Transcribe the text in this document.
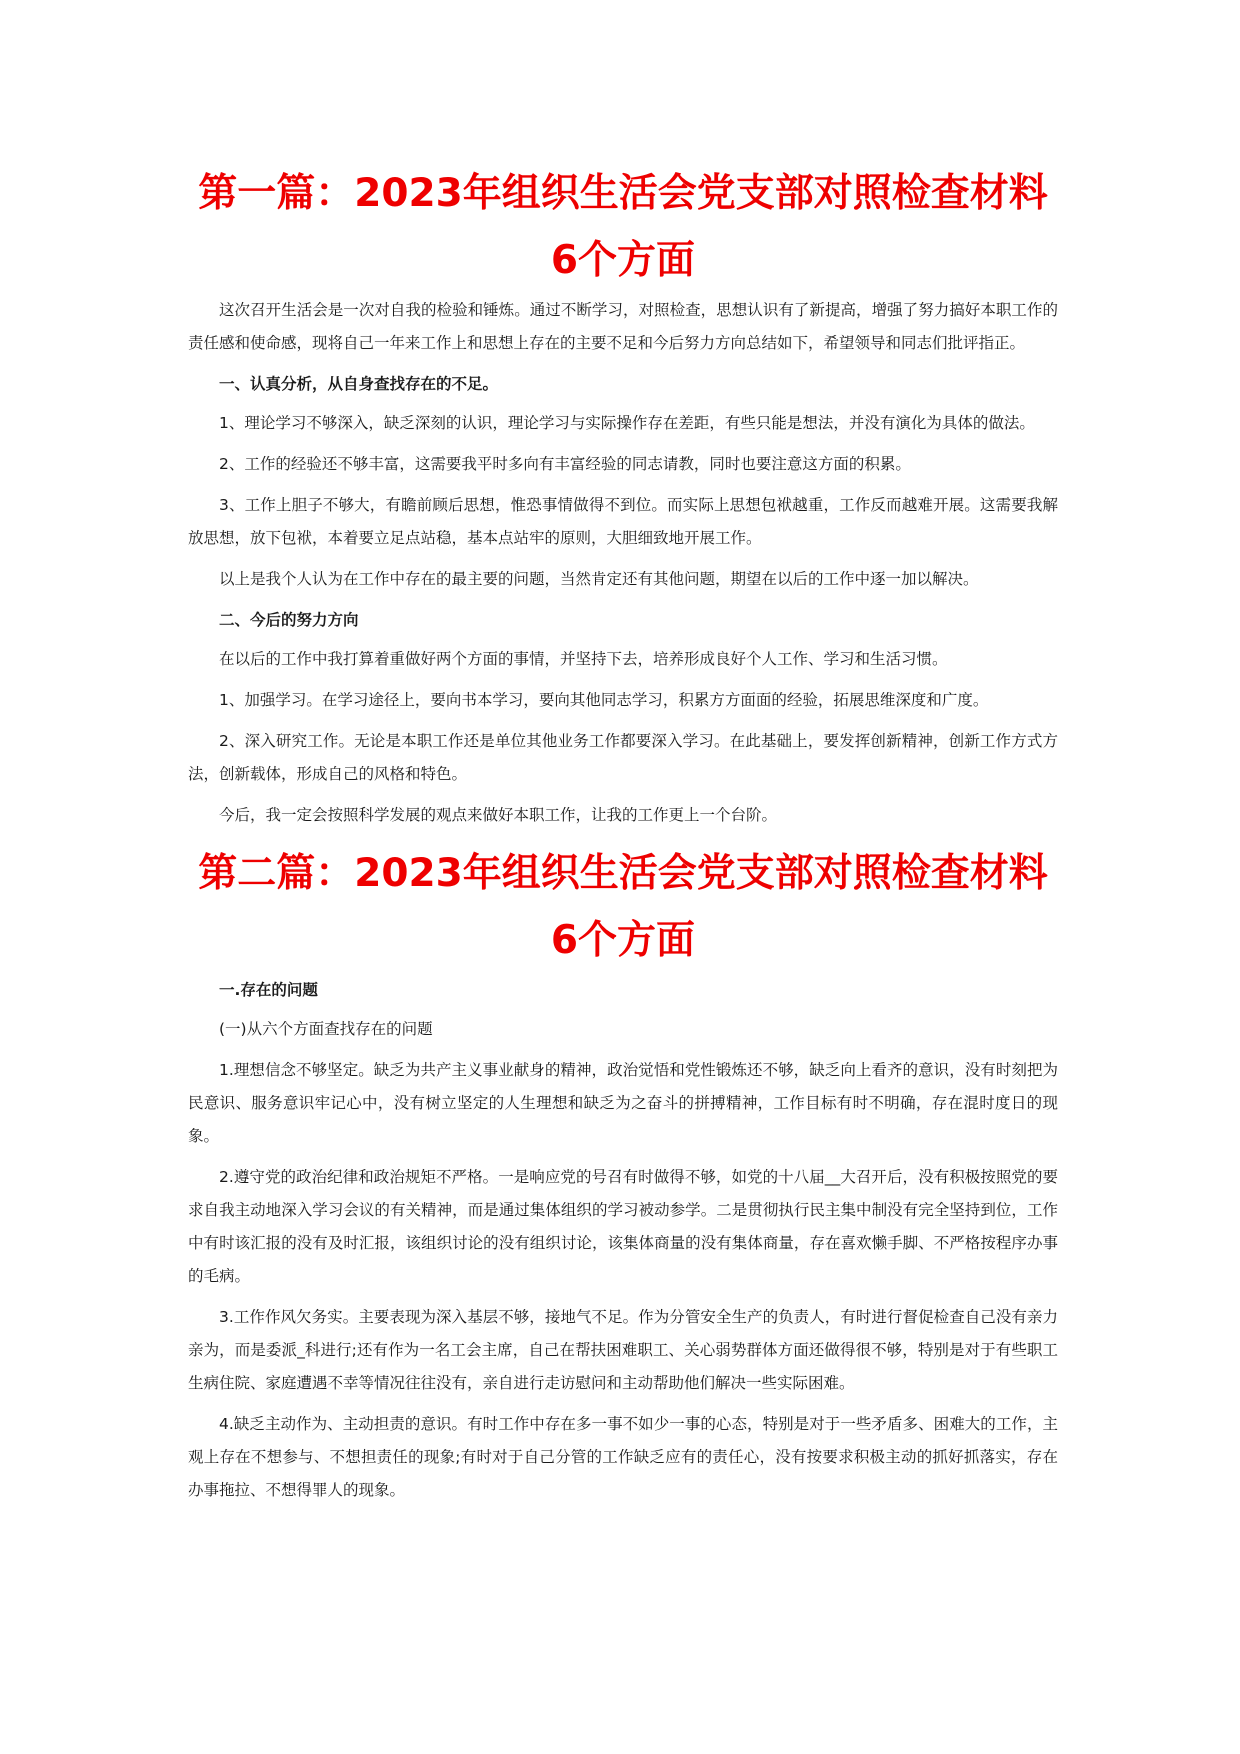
第一篇：2023年组织生活会党支部对照检查材料6个方面

这次召开生活会是一次对自我的检验和锤炼。通过不断学习，对照检查，思想认识有了新提高，增强了努力搞好本职工作的责任感和使命感，现将自己一年来工作上和思想上存在的主要不足和今后努力方向总结如下，希望领导和同志们批评指正。

一、认真分析，从自身查找存在的不足。

1、理论学习不够深入，缺乏深刻的认识，理论学习与实际操作存在差距，有些只能是想法，并没有演化为具体的做法。

2、工作的经验还不够丰富，这需要我平时多向有丰富经验的同志请教，同时也要注意这方面的积累。

3、工作上胆子不够大，有瞻前顾后思想，惟恐事情做得不到位。而实际上思想包袱越重，工作反而越难开展。这需要我解放思想，放下包袱，本着要立足点站稳，基本点站牢的原则，大胆细致地开展工作。

以上是我个人认为在工作中存在的最主要的问题，当然肯定还有其他问题，期望在以后的工作中逐一加以解决。

二、今后的努力方向

在以后的工作中我打算着重做好两个方面的事情，并坚持下去，培养形成良好个人工作、学习和生活习惯。

1、加强学习。在学习途径上，要向书本学习，要向其他同志学习，积累方方面面的经验，拓展思维深度和广度。

2、深入研究工作。无论是本职工作还是单位其他业务工作都要深入学习。在此基础上，要发挥创新精神，创新工作方式方法，创新载体，形成自己的风格和特色。

今后，我一定会按照科学发展的观点来做好本职工作，让我的工作更上一个台阶。

第二篇：2023年组织生活会党支部对照检查材料6个方面

一.存在的问题

(一)从六个方面查找存在的问题

1.理想信念不够坚定。缺乏为共产主义事业献身的精神，政治觉悟和党性锻炼还不够，缺乏向上看齐的意识，没有时刻把为民意识、服务意识牢记心中，没有树立坚定的人生理想和缺乏为之奋斗的拼搏精神，工作目标有时不明确，存在混时度日的现象。

2.遵守党的政治纪律和政治规矩不严格。一是响应党的号召有时做得不够，如党的十八届__大召开后，没有积极按照党的要求自我主动地深入学习会议的有关精神，而是通过集体组织的学习被动参学。二是贯彻执行民主集中制没有完全坚持到位，工作中有时该汇报的没有及时汇报，该组织讨论的没有组织讨论，该集体商量的没有集体商量，存在喜欢懒手脚、不严格按程序办事的毛病。

3.工作作风欠务实。主要表现为深入基层不够，接地气不足。作为分管安全生产的负责人，有时进行督促检查自己没有亲力亲为，而是委派_科进行;还有作为一名工会主席，自己在帮扶困难职工、关心弱势群体方面还做得很不够，特别是对于有些职工生病住院、家庭遭遇不幸等情况往往没有，亲自进行走访慰问和主动帮助他们解决一些实际困难。

4.缺乏主动作为、主动担责的意识。有时工作中存在多一事不如少一事的心态，特别是对于一些矛盾多、困难大的工作，主观上存在不想参与、不想担责任的现象;有时对于自己分管的工作缺乏应有的责任心，没有按要求积极主动的抓好抓落实，存在办事拖拉、不想得罪人的现象。
